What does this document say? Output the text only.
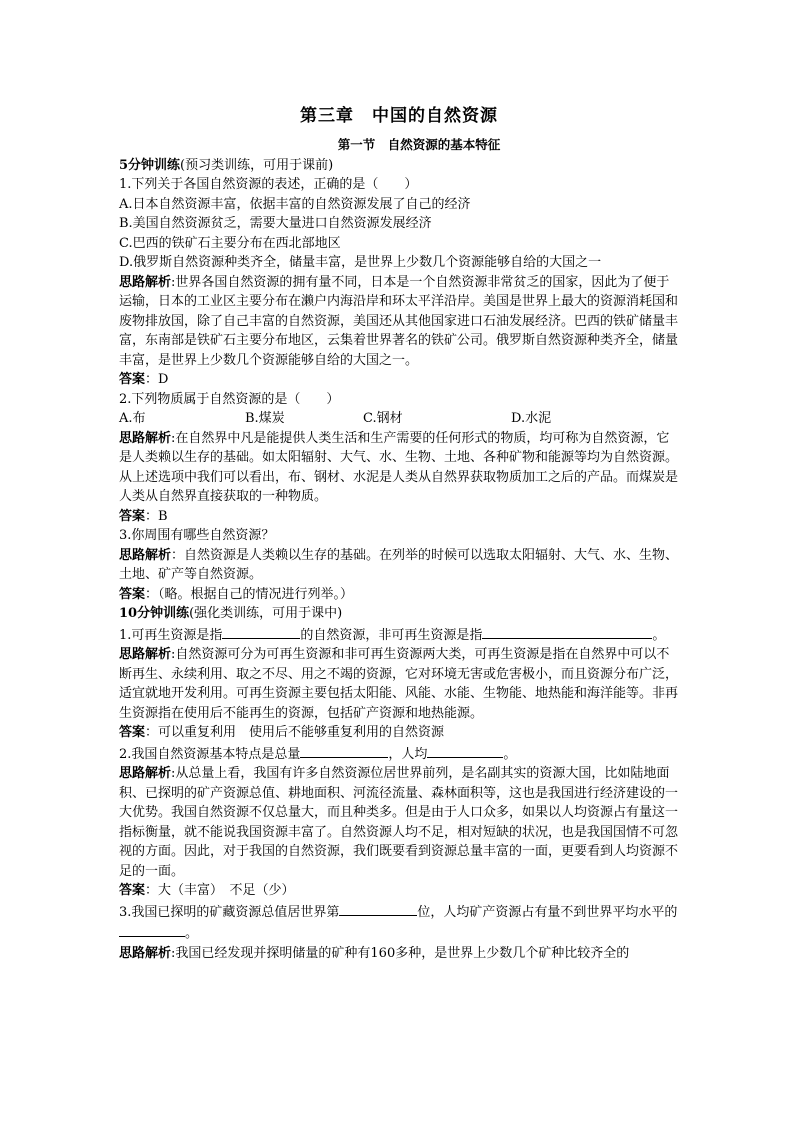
第三章　中国的自然资源
第一节　自然资源的基本特征

5分钟训练(预习类训练，可用于课前)

1.下列关于各国自然资源的表述，正确的是（　　）

A.日本自然资源丰富，依据丰富的自然资源发展了自己的经济

B.美国自然资源贫乏，需要大量进口自然资源发展经济

C.巴西的铁矿石主要分布在西北部地区

D.俄罗斯自然资源种类齐全，储量丰富，是世界上少数几个资源能够自给的大国之一

思路解析:世界各国自然资源的拥有量不同，日本是一个自然资源非常贫乏的国家，因此为了便于运输，日本的工业区主要分布在濑户内海沿岸和环太平洋沿岸。美国是世界上最大的资源消耗国和废物排放国，除了自己丰富的自然资源，美国还从其他国家进口石油发展经济。巴西的铁矿储量丰富，东南部是铁矿石主要分布地区，云集着世界著名的铁矿公司。俄罗斯自然资源种类齐全，储量丰富，是世界上少数几个资源能够自给的大国之一。

答案：D

2.下列物质属于自然资源的是（　　）

A.布	B.煤炭	C.钢材	D.水泥

思路解析:在自然界中凡是能提供人类生活和生产需要的任何形式的物质，均可称为自然资源，它是人类赖以生存的基础。如太阳辐射、大气、水、生物、土地、各种矿物和能源等均为自然资源。从上述选项中我们可以看出，布、钢材、水泥是人类从自然界获取物质加工之后的产品。而煤炭是人类从自然界直接获取的一种物质。

答案：B

3.你周围有哪些自然资源？

思路解析：自然资源是人类赖以生存的基础。在列举的时候可以选取太阳辐射、大气、水、生物、土地、矿产等自然资源。

答案：（略。根据自己的情况进行列举。）

10分钟训练(强化类训练，可用于课中)

1.可再生资源是指	的自然资源，非可再生资源是指	。

思路解析:自然资源可分为可再生资源和非可再生资源两大类，可再生资源是指在自然界中可以不断再生、永续利用、取之不尽、用之不竭的资源，它对环境无害或危害极小，而且资源分布广泛，适宜就地开发利用。可再生资源主要包括太阳能、风能、水能、生物能、地热能和海洋能等。非再生资源指在使用后不能再生的资源，包括矿产资源和地热能源。

答案：可以重复利用　使用后不能够重复利用的自然资源

2.我国自然资源基本特点是总量	，人均	。

思路解析:从总量上看，我国有许多自然资源位居世界前列，是名副其实的资源大国，比如陆地面积、已探明的矿产资源总值、耕地面积、河流径流量、森林面积等，这也是我国进行经济建设的一大优势。我国自然资源不仅总量大，而且种类多。但是由于人口众多，如果以人均资源占有量这一指标衡量，就不能说我国资源丰富了。自然资源人均不足，相对短缺的状况，也是我国国情不可忽视的方面。因此，对于我国的自然资源，我们既要看到资源总量丰富的一面，更要看到人均资源不足的一面。

答案：大（丰富）　不足（少）

3.我国已探明的矿藏资源总值居世界第	位，人均矿产资源占有量不到世界平均水平的。

思路解析:我国已经发现并探明储量的矿种有160多种，是世界上少数几个矿种比较齐全的
